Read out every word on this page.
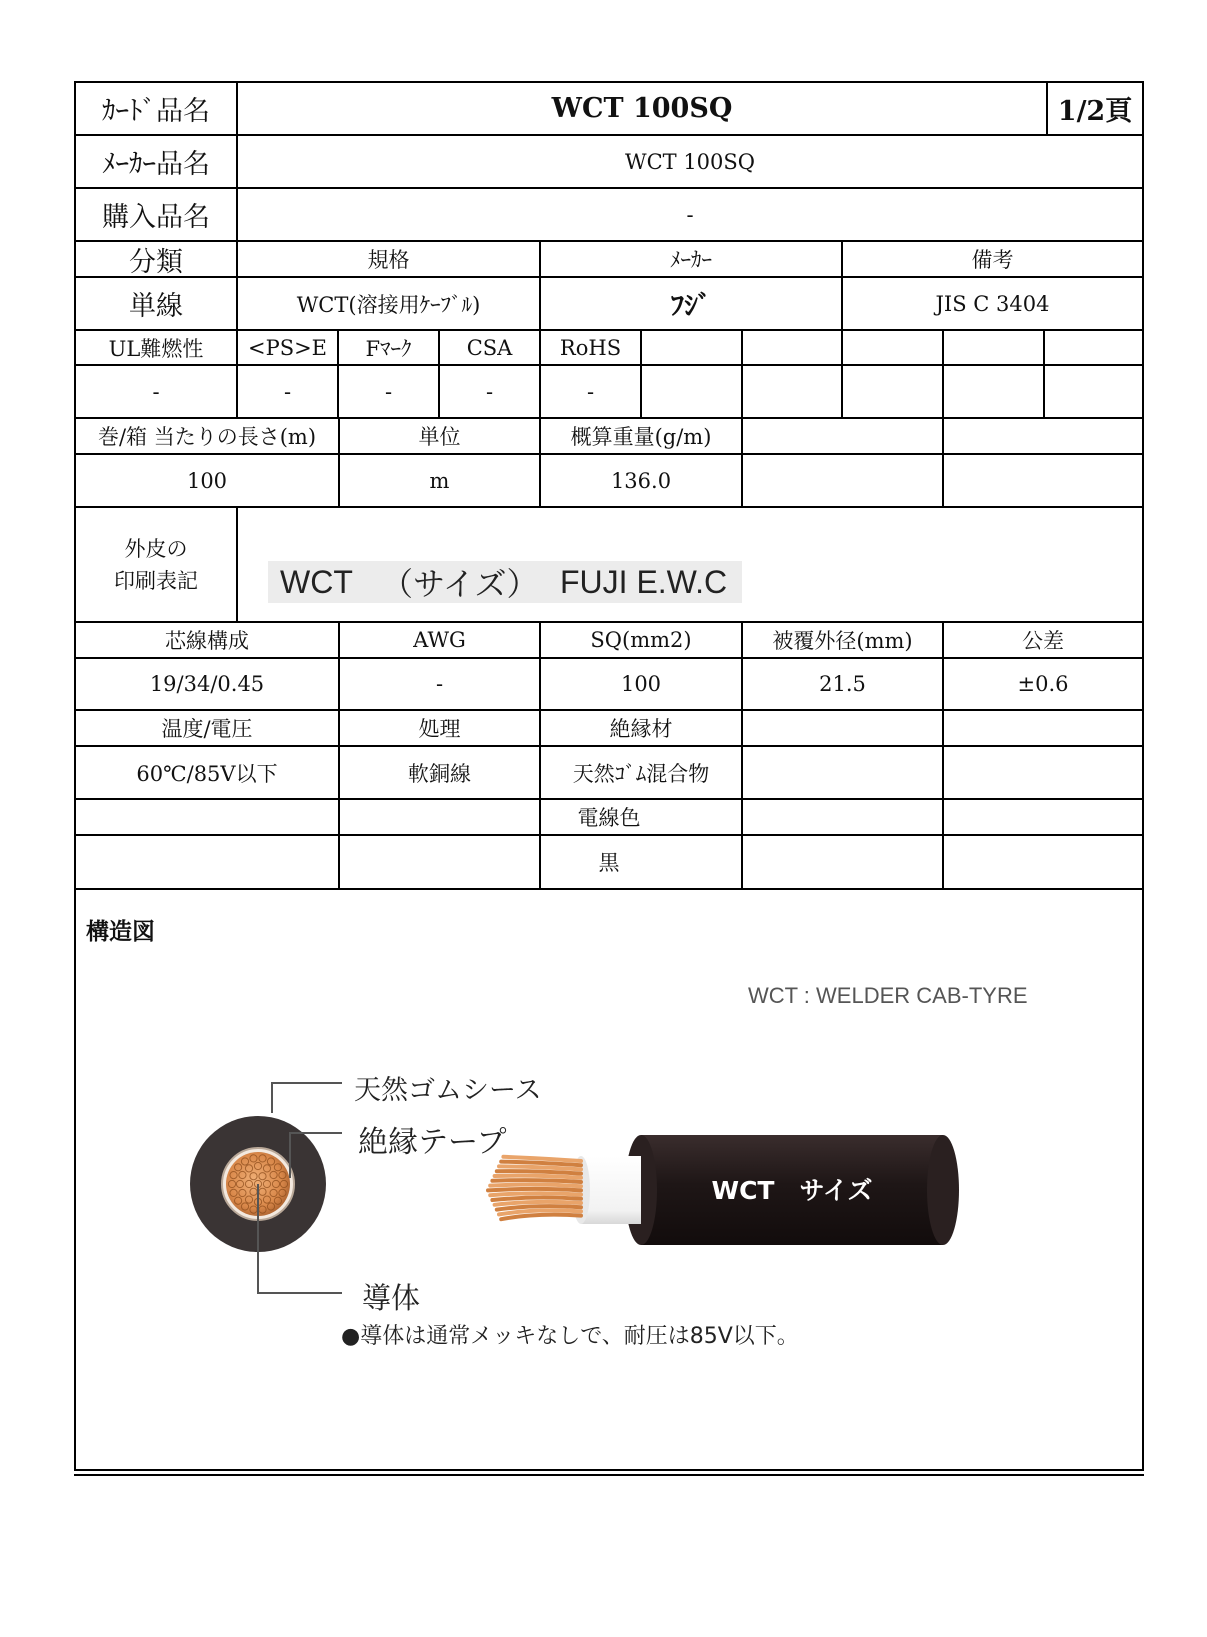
ｶｰﾄﾞ品名	WCT 100SQ	1/2頁
ﾒｰｶｰ品名	WCT 100SQ
購入品名	-
分類	規格	ﾒｰｶｰ	備考
単線	WCT(溶接用ｹｰﾌﾞﾙ)	ﾌｼﾞ	JIS C 3404
UL難燃性	<PS>E	Fﾏｰｸ	CSA	RoHS
-	-	-	-	-
巻/箱 当たりの長さ(m)	単位	概算重量(g/m)
100	m	136.0
外皮の
印刷表記	WCT （サイズ） FUJI E.W.C
芯線構成	AWG	SQ(mm2)	被覆外径(mm)	公差
19/34/0.45	-	100	21.5	±0.6
温度/電圧	処理	絶縁材
60℃/85V以下	軟銅線	天然ｺﾞﾑ混合物
電線色
黒
構造図
WCT : WELDER CAB-TYRE
WCT　サイズ
天然ゴムシース
絶縁テープ
導体
●導体は通常メッキなしで、耐圧は85V以下。
